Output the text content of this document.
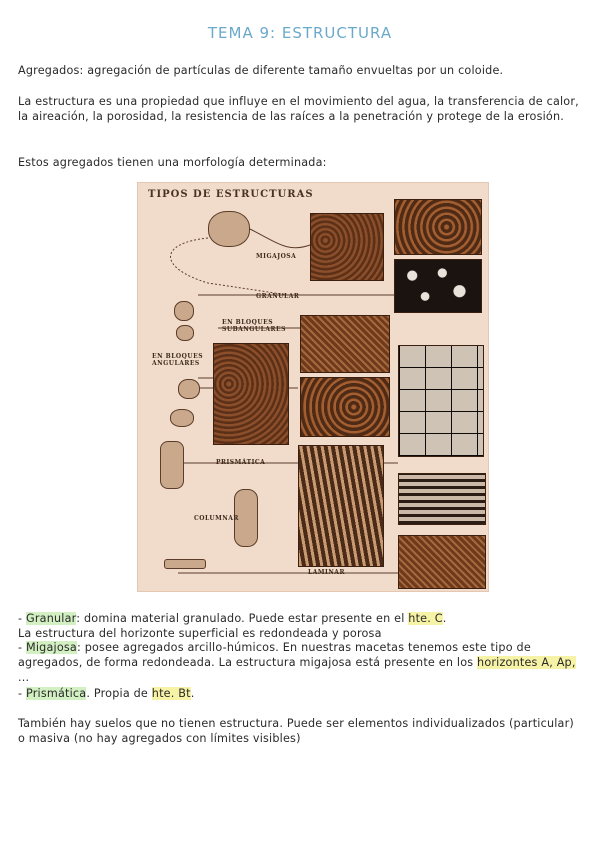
TEMA 9: ESTRUCTURA
Agregados: agregación de partículas de diferente tamaño envueltas por un coloide.
La estructura es una propiedad que influye en el movimiento del agua, la transferencia de calor, la aireación, la porosidad, la resistencia de las raíces a la penetración y protege de la erosión.
Estos agregados tienen una morfología determinada:
TIPOS DE ESTRUCTURAS
MIGAJOSA
GRANULAR
EN BLOQUES SUBANGULARES
EN BLOQUES ANGULARES
PRISMÁTICA
COLUMNAR
LAMINAR
- Granular: domina material granulado. Puede estar presente en el hte. C.
La estructura del horizonte superficial es redondeada y porosa
- Migajosa: posee agregados arcillo-húmicos. En nuestras macetas tenemos este tipo de agregados, de forma redondeada. La estructura migajosa está presente en los horizontes A, Ap, ...
- Prismática. Propia de hte. Bt.
También hay suelos que no tienen estructura. Puede ser elementos individualizados (particular) o masiva (no hay agregados con límites visibles)
